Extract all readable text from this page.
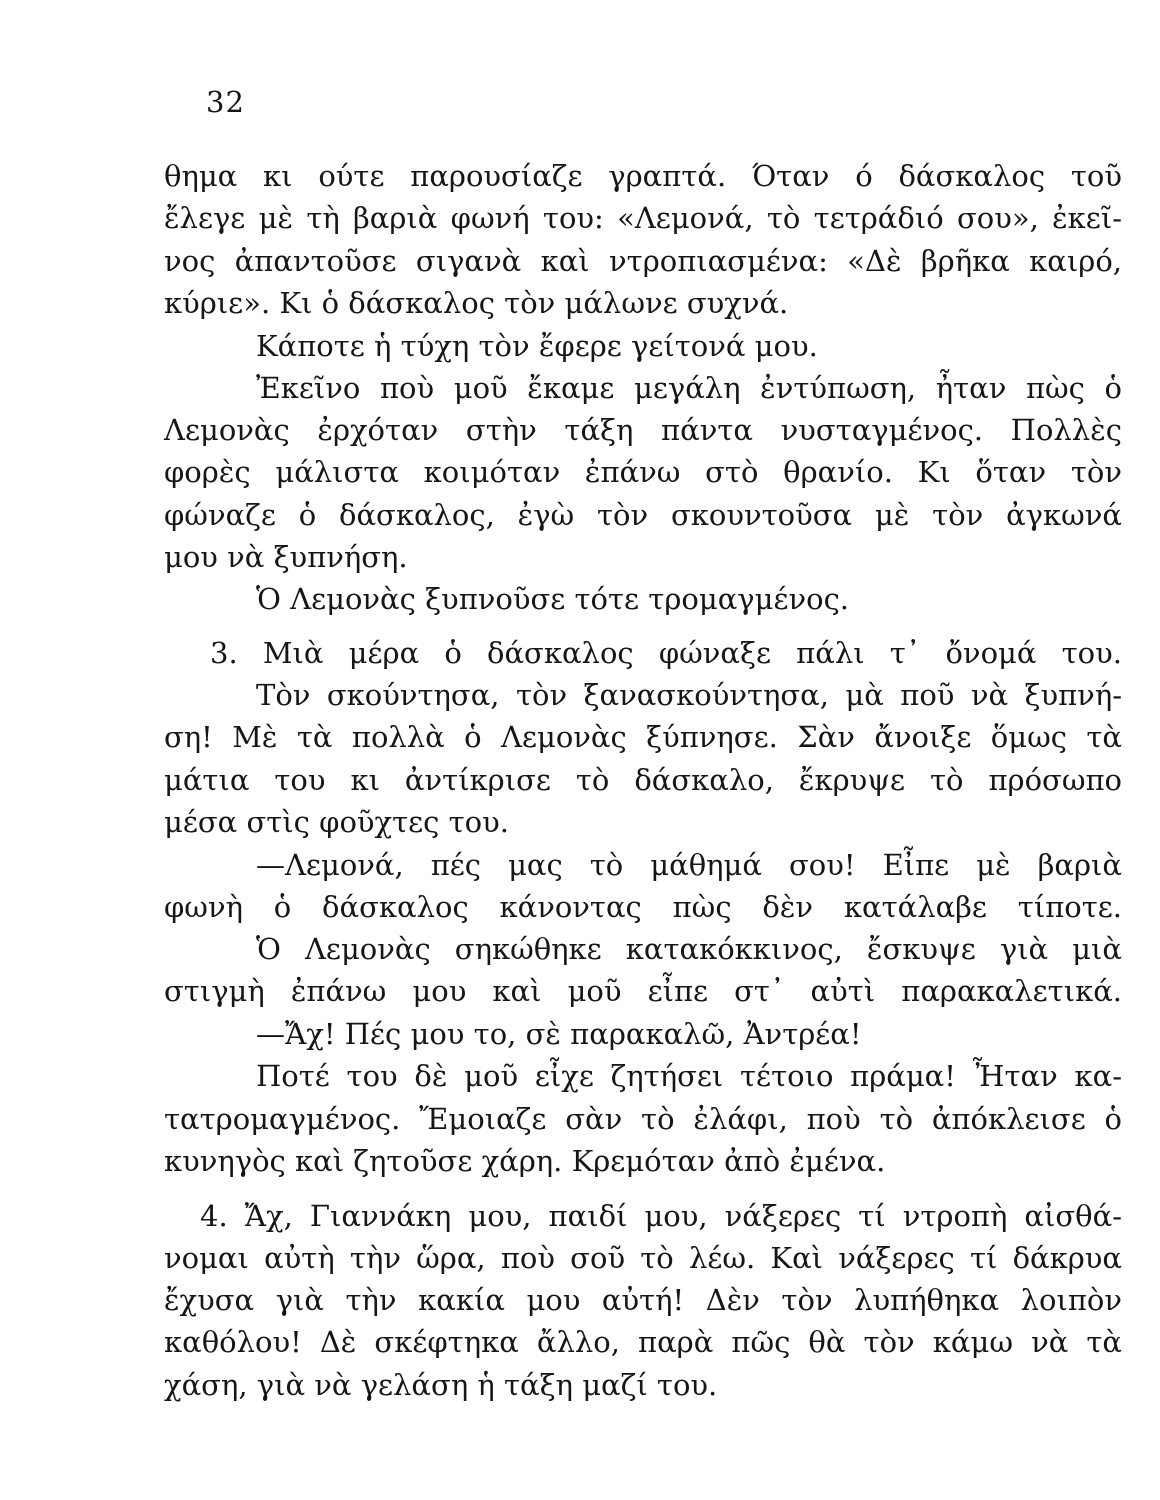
32
θημα κι ούτε παρουσίαζε γραπτά. Όταν ό δάσκαλος τοῦ
ἔλεγε μὲ τὴ βαριὰ φωνή του: «Λεμονά, τὸ τετράδιό σου», ἐκεῖ-
νος ἀπαντοῦσε σιγανὰ καὶ ντροπιασμένα: «Δὲ βρῆκα καιρό,
κύριε». Κι ὁ δάσκαλος τὸν μάλωνε συχνά.
Κάποτε ἡ τύχη τὸν ἔφερε γείτονά μου.
Ἐκεῖνο ποὺ μοῦ ἔκαμε μεγάλη ἐντύπωση, ἦταν πὼς ὁ
Λεμονὰς ἐρχόταν στὴν τάξη πάντα νυσταγμένος. Πολλὲς
φορὲς μάλιστα κοιμόταν ἐπάνω στὸ θρανίο. Κι ὅταν τὸν
φώναζε ὁ δάσκαλος, ἐγὼ τὸν σκουντοῦσα μὲ τὸν ἀγκωνά
μου νὰ ξυπνήση.
Ὁ Λεμονὰς ξυπνοῦσε τότε τρομαγμένος.
3. Μιὰ μέρα ὁ δάσκαλος φώναξε πάλι τ᾿ ὄνομά του.
Τὸν σκούντησα, τὸν ξανασκούντησα, μὰ ποῦ νὰ ξυπνή-
ση! Μὲ τὰ πολλὰ ὁ Λεμονὰς ξύπνησε. Σὰν ἄνοιξε ὅμως τὰ
μάτια του κι ἀντίκρισε τὸ δάσκαλο, ἔκρυψε τὸ πρόσωπο
μέσα στὶς φοῦχτες του.
—Λεμονά, πές μας τὸ μάθημά σου! Εἶπε μὲ βαριὰ
φωνὴ ὁ δάσκαλος κάνοντας πὼς δὲν κατάλαβε τίποτε.
Ὁ Λεμονὰς σηκώθηκε κατακόκκινος, ἔσκυψε γιὰ μιὰ
στιγμὴ ἐπάνω μου καὶ μοῦ εἶπε στ᾿ αὐτὶ παρακαλετικά.
—Ἄχ! Πές μου το, σὲ παρακαλῶ, Ἀντρέα!
Ποτέ του δὲ μοῦ εἶχε ζητήσει τέτοιο πράμα! Ἦταν κα-
τατρομαγμένος. Ἔμοιαζε σὰν τὸ ἐλάφι, ποὺ τὸ ἀπόκλεισε ὁ
κυνηγὸς καὶ ζητοῦσε χάρη. Κρεμόταν ἀπὸ ἐμένα.
4. Ἄχ, Γιαννάκη μου, παιδί μου, νάξερες τί ντροπὴ αἰσθά-
νομαι αὐτὴ τὴν ὥρα, ποὺ σοῦ τὸ λέω. Καὶ νάξερες τί δάκρυα
ἔχυσα γιὰ τὴν κακία μου αὐτή! Δὲν τὸν λυπήθηκα λοιπὸν
καθόλου! Δὲ σκέφτηκα ἄλλο, παρὰ πῶς θὰ τὸν κάμω νὰ τὰ
χάση, γιὰ νὰ γελάση ἡ τάξη μαζί του.
